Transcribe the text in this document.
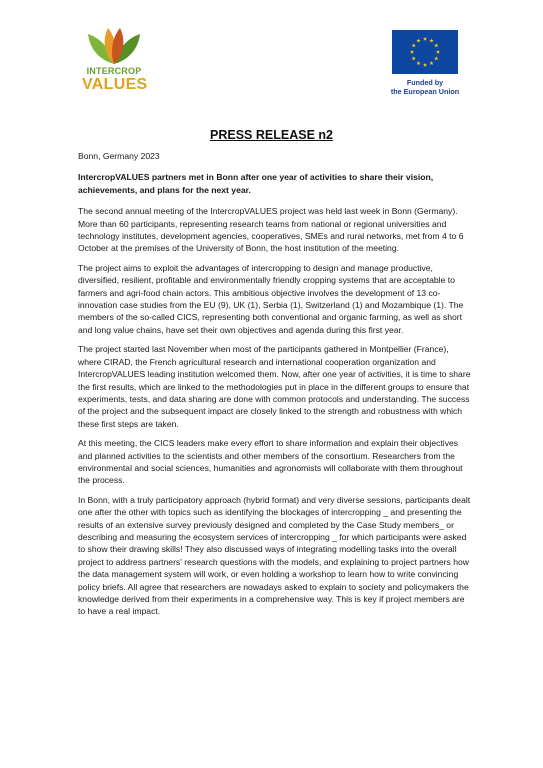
INTERCROP
VALUES	Funded by
the European Union
PRESS RELEASE n2

Bonn, Germany 2023

IntercropVALUES partners met in Bonn after one year of activities to share their vision, achievements, and plans for the next year.

The second annual meeting of the IntercropVALUES project was held last week in Bonn (Germany). More than 60 participants, representing research teams from national or regional universities and technology institutes, development agencies, cooperatives, SMEs and rural networks, met from 4 to 6 October at the premises of the University of Bonn, the host institution of the meeting.

The project aims to exploit the advantages of intercropping to design and manage productive, diversified, resilient, profitable and environmentally friendly cropping systems that are acceptable to farmers and agri-food chain actors. This ambitious objective involves the development of 13 co-innovation case studies from the EU (9), UK (1), Serbia (1), Switzerland (1) and Mozambique (1). The members of the so-called CICS, representing both conventional and organic farming, as well as short and long value chains, have set their own objectives and agenda during this first year.

The project started last November when most of the participants gathered in Montpellier (France), where CIRAD, the French agricultural research and international cooperation organization and IntercropVALUES leading institution welcomed them. Now, after one year of activities, it is time to share the first results, which are linked to the methodologies put in place in the different groups to ensure that experiments, tests, and data sharing are done with common protocols and understanding. The success of the project and the subsequent impact are closely linked to the strength and robustness with which these first steps are taken.

At this meeting, the CICS leaders make every effort to share information and explain their objectives and planned activities to the scientists and other members of the consortium. Researchers from the environmental and social sciences, humanities and agronomists will collaborate with them throughout the process.

In Bonn, with a truly participatory approach (hybrid format) and very diverse sessions, participants dealt one after the other with topics such as identifying the blockages of intercropping _ and presenting the results of an extensive survey previously designed and completed by the Case Study members_ or describing and measuring the ecosystem services of intercropping _ for which participants were asked to show their drawing skills! They also discussed ways of integrating modelling tasks into the overall project to address partners' research questions with the models, and explaining to project partners how the data management system will work, or even holding a workshop to learn how to write convincing policy briefs. All agree that researchers are nowadays asked to explain to society and policymakers the knowledge derived from their experiments in a comprehensive way. This is key if project members are to have a real impact.
